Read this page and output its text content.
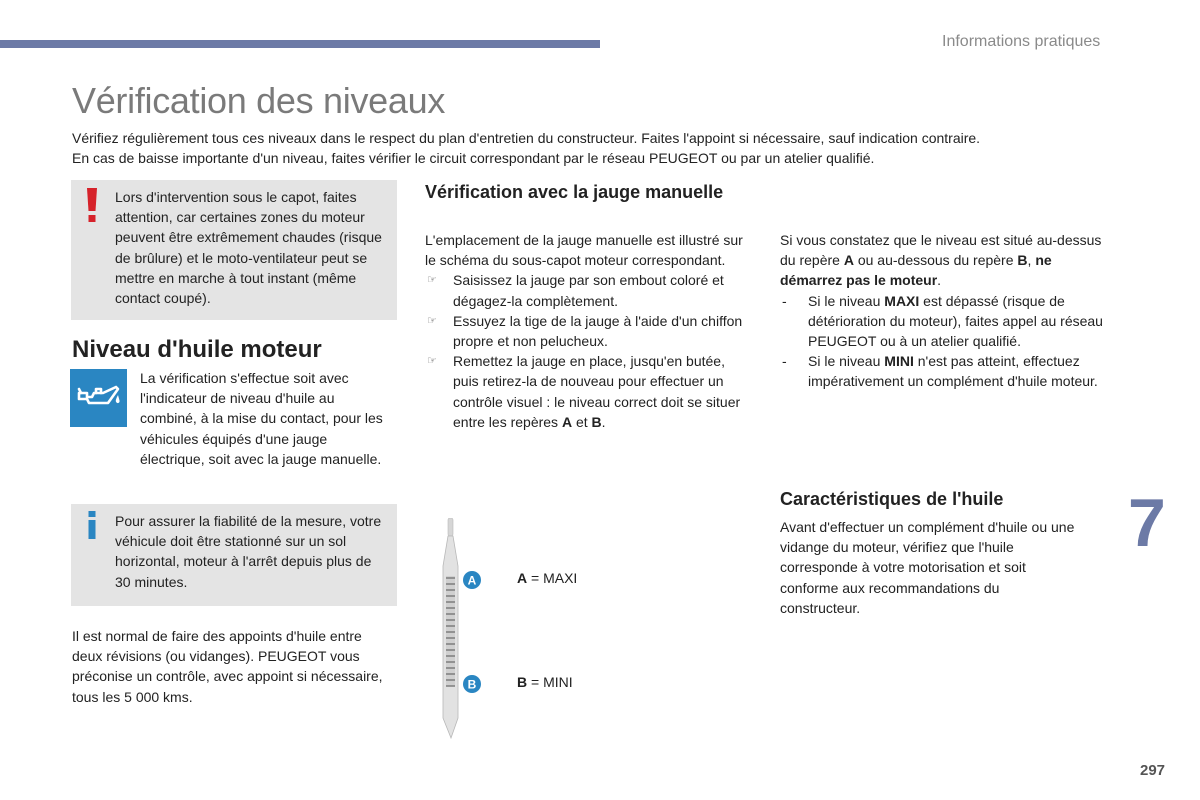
Informations pratiques
Vérification des niveaux

Vérifiez régulièrement tous ces niveaux dans le respect du plan d'entretien du constructeur. Faites l'appoint si nécessaire, sauf indication contraire.

En cas de baisse importante d'un niveau, faites vérifier le circuit correspondant par le réseau PEUGEOT ou par un atelier qualifié.

Lors d'intervention sous le capot, faites attention, car certaines zones du moteur peuvent être extrêmement chaudes (risque de brûlure) et le moto-ventilateur peut se mettre en marche à tout instant (même contact coupé).
Niveau d'huile moteur
La vérification s'effectue soit avec l'indicateur de niveau d'huile au combiné, à la mise du contact, pour les véhicules équipés d'une jauge électrique, soit avec la jauge manuelle.
Pour assurer la fiabilité de la mesure, votre véhicule doit être stationné sur un sol horizontal, moteur à l'arrêt depuis plus de 30 minutes.
Il est normal de faire des appoints d'huile entre deux révisions (ou vidanges). PEUGEOT vous préconise un contrôle, avec appoint si nécessaire, tous les 5 000 kms.
Vérification avec la jauge manuelle

L'emplacement de la jauge manuelle est illustré sur le schéma du sous-capot moteur correspondant.

☞ Saisissez la jauge par son embout coloré et dégagez-la complètement.
☞ Essuyez la tige de la jauge à l'aide d'un chiffon propre et non pelucheux.
☞ Remettez la jauge en place, jusqu'en butée, puis retirez-la de nouveau pour effectuer un contrôle visuel : le niveau correct doit se situer entre les repères A et B.
A
B
A = MAXI
B = MINI

Si vous constatez que le niveau est situé au-dessus du repère A ou au-dessous du repère B, ne démarrez pas le moteur.

- Si le niveau MAXI est dépassé (risque de détérioration du moteur), faites appel au réseau PEUGEOT ou à un atelier qualifié.
- Si le niveau MINI n'est pas atteint, effectuez impérativement un complément d'huile moteur.
Caractéristiques de l'huile
Avant d'effectuer un complément d'huile ou une vidange du moteur, vérifiez que l'huile corresponde à votre motorisation et soit conforme aux recommandations du constructeur.
7
297
